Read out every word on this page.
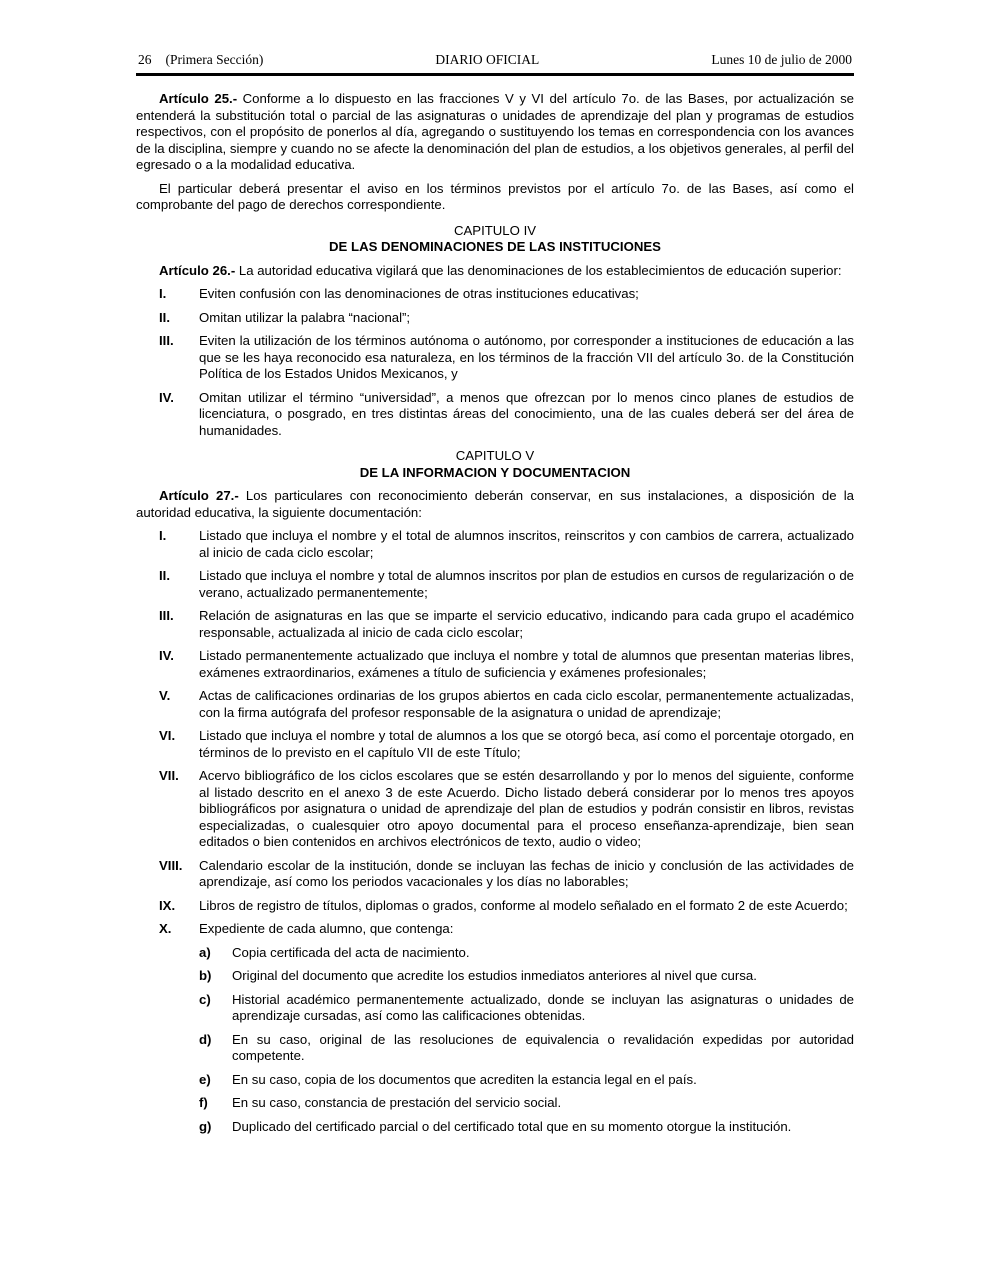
26 (Primera Sección)	DIARIO OFICIAL	Lunes 10 de julio de 2000

Artículo 25.- Conforme a lo dispuesto en las fracciones V y VI del artículo 7o. de las Bases, por actualización se entenderá la substitución total o parcial de las asignaturas o unidades de aprendizaje del plan y programas de estudios respectivos, con el propósito de ponerlos al día, agregando o sustituyendo los temas en correspondencia con los avances de la disciplina, siempre y cuando no se afecte la denominación del plan de estudios, a los objetivos generales, al perfil del egresado o a la modalidad educativa.

El particular deberá presentar el aviso en los términos previstos por el artículo 7o. de las Bases, así como el comprobante del pago de derechos correspondiente.

CAPITULO IV
DE LAS DENOMINACIONES DE LAS INSTITUCIONES

Artículo 26.- La autoridad educativa vigilará que las denominaciones de los establecimientos de educación superior:

I.	Eviten confusión con las denominaciones de otras instituciones educativas;
II.	Omitan utilizar la palabra “nacional”;
III.	Eviten la utilización de los términos autónoma o autónomo, por corresponder a instituciones de educación a las que se les haya reconocido esa naturaleza, en los términos de la fracción VII del artículo 3o. de la Constitución Política de los Estados Unidos Mexicanos, y
IV.	Omitan utilizar el término “universidad”, a menos que ofrezcan por lo menos cinco planes de estudios de licenciatura, o posgrado, en tres distintas áreas del conocimiento, una de las cuales deberá ser del área de humanidades.
CAPITULO V
DE LA INFORMACION Y DOCUMENTACION

Artículo 27.- Los particulares con reconocimiento deberán conservar, en sus instalaciones, a disposición de la autoridad educativa, la siguiente documentación:

I.	Listado que incluya el nombre y el total de alumnos inscritos, reinscritos y con cambios de carrera, actualizado al inicio de cada ciclo escolar;
II.	Listado que incluya el nombre y total de alumnos inscritos por plan de estudios en cursos de regularización o de verano, actualizado permanentemente;
III.	Relación de asignaturas en las que se imparte el servicio educativo, indicando para cada grupo el académico responsable, actualizada al inicio de cada ciclo escolar;
IV.	Listado permanentemente actualizado que incluya el nombre y total de alumnos que presentan materias libres, exámenes extraordinarios, exámenes a título de suficiencia y exámenes profesionales;
V.	Actas de calificaciones ordinarias de los grupos abiertos en cada ciclo escolar, permanentemente actualizadas, con la firma autógrafa del profesor responsable de la asignatura o unidad de aprendizaje;
VI.	Listado que incluya el nombre y total de alumnos a los que se otorgó beca, así como el porcentaje otorgado, en términos de lo previsto en el capítulo VII de este Título;
VII.	Acervo bibliográfico de los ciclos escolares que se estén desarrollando y por lo menos del siguiente, conforme al listado descrito en el anexo 3 de este Acuerdo. Dicho listado deberá considerar por lo menos tres apoyos bibliográficos por asignatura o unidad de aprendizaje del plan de estudios y podrán consistir en libros, revistas especializadas, o cualesquier otro apoyo documental para el proceso enseñanza-aprendizaje, bien sean editados o bien contenidos en archivos electrónicos de texto, audio o video;
VIII.	Calendario escolar de la institución, donde se incluyan las fechas de inicio y conclusión de las actividades de aprendizaje, así como los periodos vacacionales y los días no laborables;
IX.	Libros de registro de títulos, diplomas o grados, conforme al modelo señalado en el formato 2 de este Acuerdo;
X.	Expediente de cada alumno, que contenga:
a)	Copia certificada del acta de nacimiento.
b)	Original del documento que acredite los estudios inmediatos anteriores al nivel que cursa.
c)	Historial académico permanentemente actualizado, donde se incluyan las asignaturas o unidades de aprendizaje cursadas, así como las calificaciones obtenidas.
d)	En su caso, original de las resoluciones de equivalencia o revalidación expedidas por autoridad competente.
e)	En su caso, copia de los documentos que acrediten la estancia legal en el país.
f)	En su caso, constancia de prestación del servicio social.
g)	Duplicado del certificado parcial o del certificado total que en su momento otorgue la institución.
